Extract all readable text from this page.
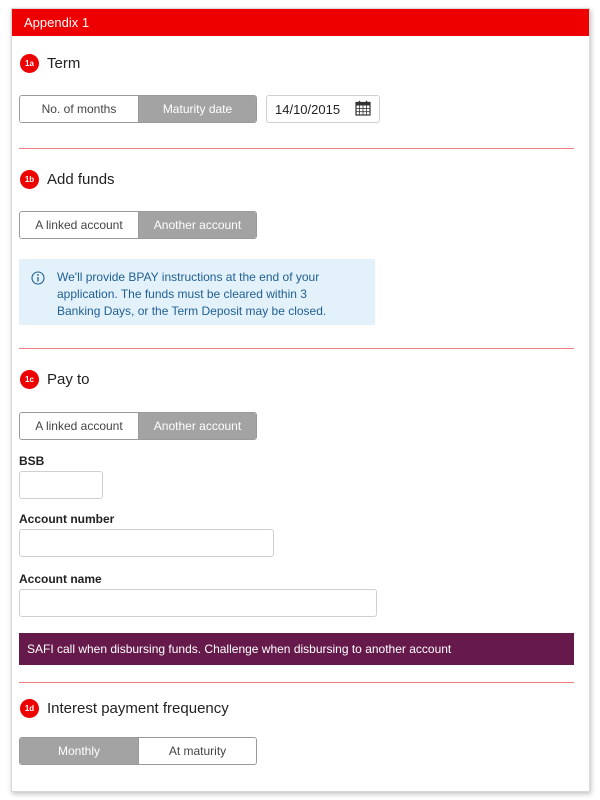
Appendix 1
1a Term
No. of months	Maturity date	14/10/2015
1b Add funds
A linked account	Another account
We'll provide BPAY instructions at the end of your application. The funds must be cleared within 3 Banking Days, or the Term Deposit may be closed.
1c Pay to
A linked account	Another account
BSB
Account number
Account name
SAFI call when disbursing funds. Challenge when disbursing to another account
1d Interest payment frequency
Monthly	At maturity
